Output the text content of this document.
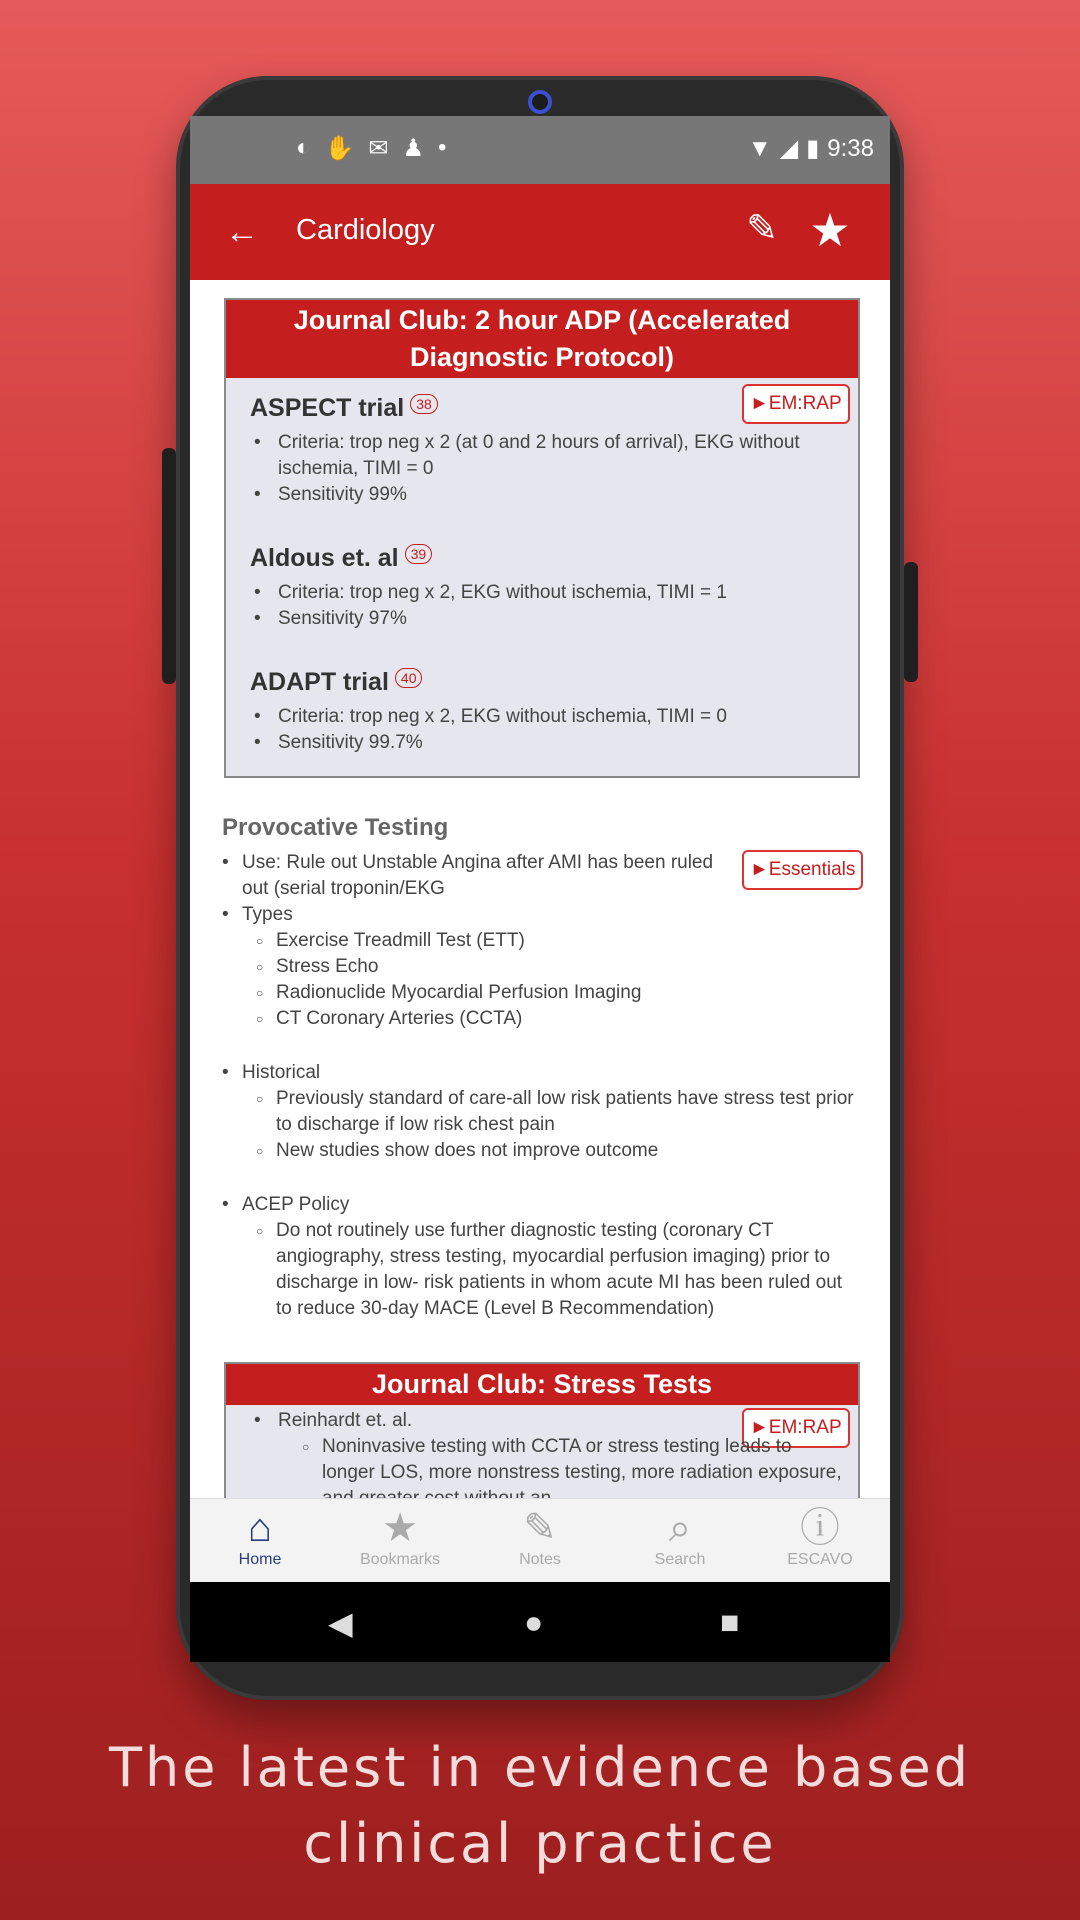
◐ ✋ ✉ ♟ •	▼ ◢ ▮ 9:38
← Cardiology	✎ ★
Journal Club: 2 hour ADP (Accelerated Diagnostic Protocol)
►EM:RAP
ASPECT trial 38
• Criteria: trop neg x 2 (at 0 and 2 hours of arrival), EKG without ischemia, TIMI = 0
• Sensitivity 99%
Aldous et. al 39
• Criteria: trop neg x 2, EKG without ischemia, TIMI = 1
• Sensitivity 97%
ADAPT trial 40
• Criteria: trop neg x 2, EKG without ischemia, TIMI = 0
• Sensitivity 99.7%
Provocative Testing
►Essentials
• Use: Rule out Unstable Angina after AMI has been ruled out (serial troponin/EKG
• Types
○ Exercise Treadmill Test (ETT)
○ Stress Echo
○ Radionuclide Myocardial Perfusion Imaging
○ CT Coronary Arteries (CCTA)
• Historical
○ Previously standard of care-all low risk patients have stress test prior to discharge if low risk chest pain
○ New studies show does not improve outcome
• ACEP Policy
○ Do not routinely use further diagnostic testing (coronary CT angiography, stress testing, myocardial perfusion imaging) prior to discharge in low- risk patients in whom acute MI has been ruled out to reduce 30-day MACE (Level B Recommendation)
Journal Club: Stress Tests
►EM:RAP
• Reinhardt et. al.
○ Noninvasive testing with CCTA or stress testing leads to longer LOS, more nonstress testing, more radiation exposure,
⌂
Home
★
Bookmarks
✎
Notes
⌕
Search
ⓘ
ESCAVO
◀	●	■
The latest in evidence based
clinical practice
